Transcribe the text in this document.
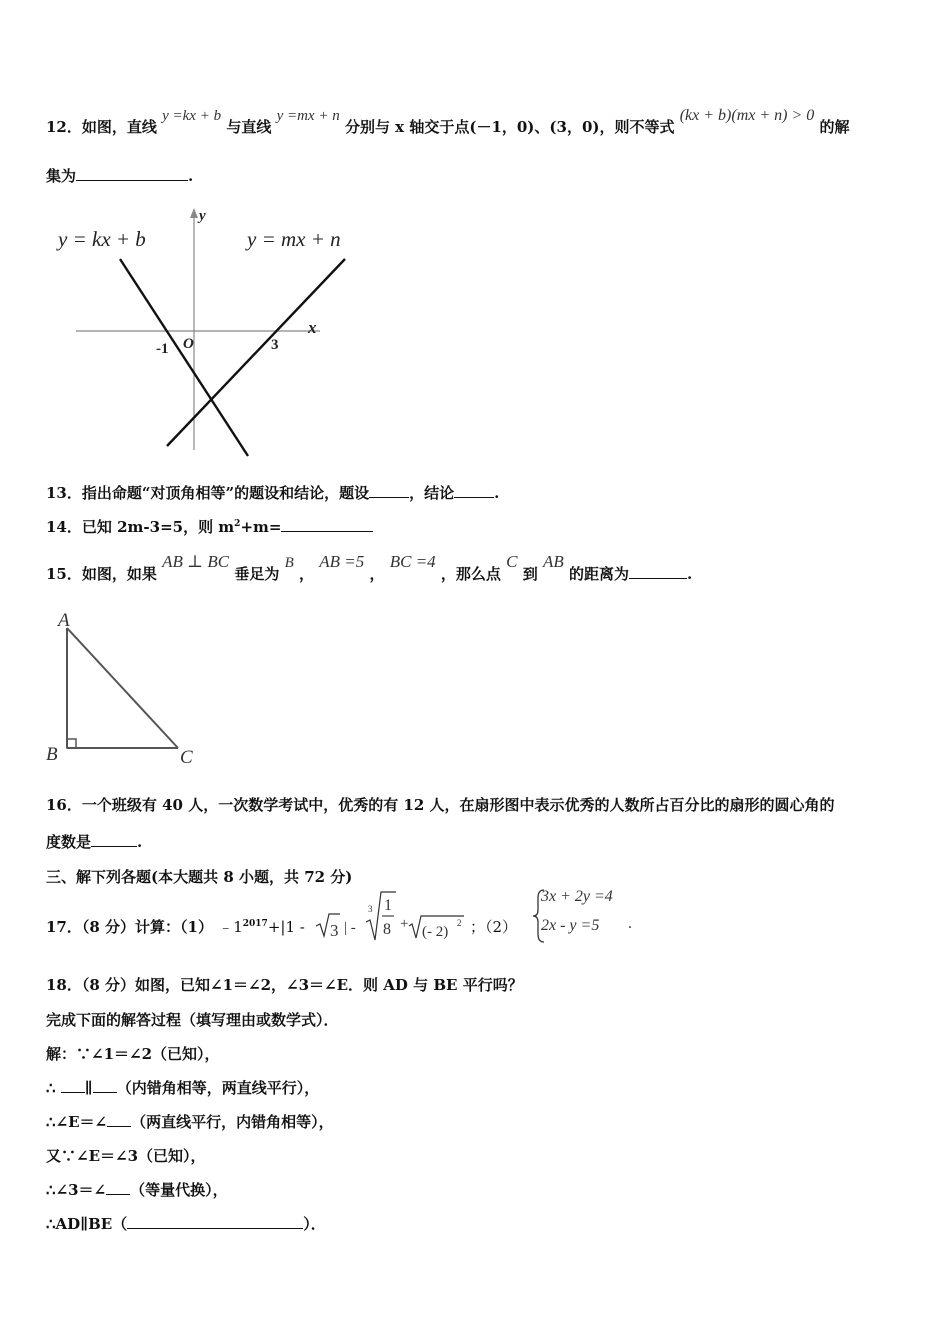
12．如图，直线 y =kx + b 与直线 y =mx + n 分别与 x 轴交于点(－1，0)、(3，0)，则不等式 (kx + b)(mx + n) > 0 的解
集为	.
y = kx + b	y = mx + n
x
y
O
-1	3
13．指出命题“对顶角相等”的题设和结论，题设	，结论	.
14．已知 2m-3=5，则 $m^2+m=$
15．如图，如果 AB ⊥ BC 垂足为 B ， AB =5 ， BC =4 ，那么点 C 到 AB 的距离为	.
A
B	C
16．一个班级有 40 人，一次数学考试中，优秀的有 12 人，在扇形图中表示优秀的人数所占百分比的扇形的圆心角的
度数是	.
三、解下列各题(本大题共 8 小题，共 72 分)
17．（8 分）计算：（1） $﹣1^{2017}+|1 - 3$ | -
3 1
8 + (- 2)
2 ；（2）
3x + 2y =4
2x - y =5 .
18．（8 分）如图，已知∠1＝∠2，∠3＝∠E．则 AD 与 BE 平行吗？
完成下面的解答过程（填写理由或数学式）．
解：∵∠1＝∠2（已知），
∴ ∥ （内错角相等，两直线平行），
∴∠E＝∠ （两直线平行，内错角相等），
又∵∠E＝∠3（已知），
∴∠3＝∠ （等量代换），
∴AD∥BE（	）．
